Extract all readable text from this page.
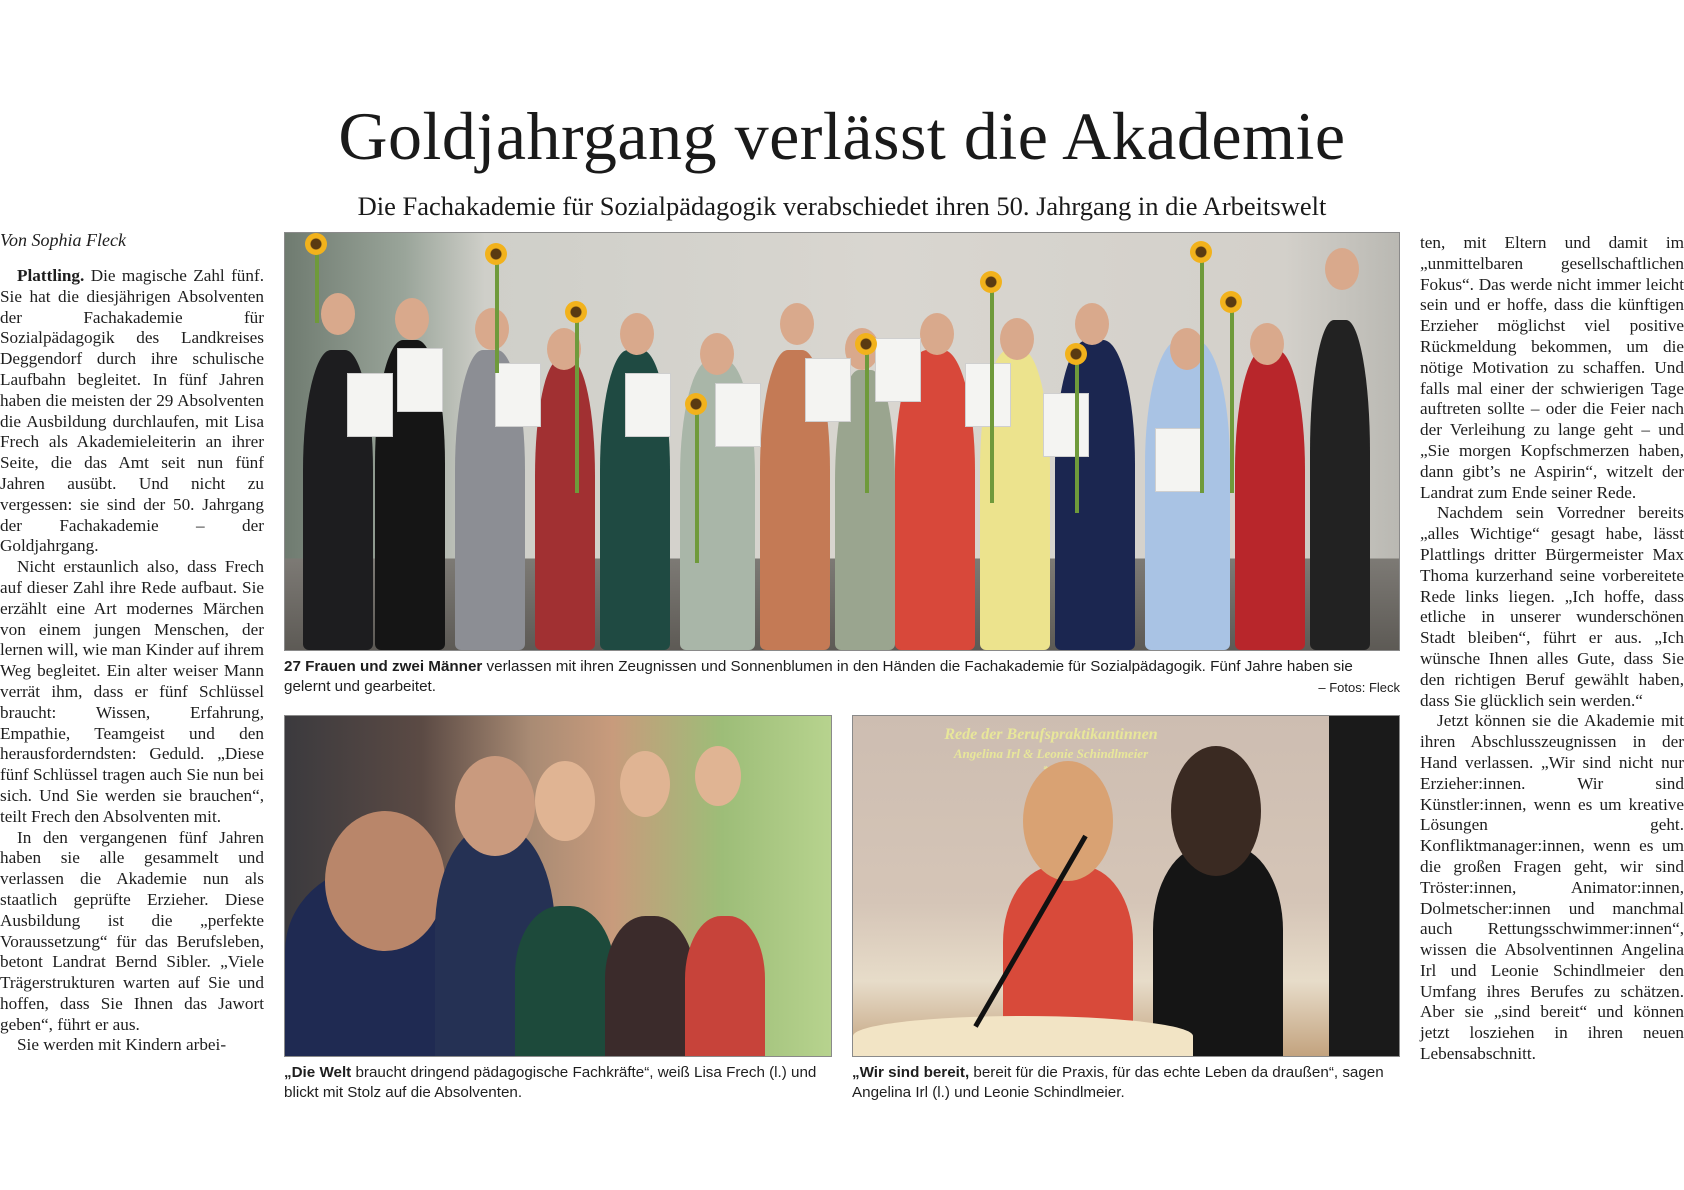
Goldjahrgang verlässt die Akademie
Die Fachakademie für Sozialpädagogik verabschiedet ihren 50. Jahrgang in die Arbeitswelt

Von Sophia Fleck

Plattling. Die magische Zahl fünf. Sie hat die diesjährigen Absolventen der Fachakademie für Sozialpädagogik des Landkreises Deggendorf durch ihre schulische Laufbahn begleitet. In fünf Jahren haben die meisten der 29 Absolventen die Ausbildung durchlaufen, mit Lisa Frech als Akademieleiterin an ihrer Seite, die das Amt seit nun fünf Jahren ausübt. Und nicht zu vergessen: sie sind der 50. Jahrgang der Fachakademie – der Goldjahrgang.

Nicht erstaunlich also, dass Frech auf dieser Zahl ihre Rede aufbaut. Sie erzählt eine Art modernes Märchen von einem jungen Menschen, der lernen will, wie man Kinder auf ihrem Weg begleitet. Ein alter weiser Mann verrät ihm, dass er fünf Schlüssel braucht: Wissen, Erfahrung, Empathie, Teamgeist und den herausforderndsten: Geduld. „Diese fünf Schlüssel tragen auch Sie nun bei sich. Und Sie werden sie brauchen“, teilt Frech den Absolventen mit.

In den vergangenen fünf Jahren haben sie alle gesammelt und verlassen die Akademie nun als staatlich geprüfte Erzieher. Diese Ausbildung ist die „perfekte Voraussetzung“ für das Berufsleben, betont Landrat Bernd Sibler. „Viele Trägerstrukturen warten auf Sie und hoffen, dass Sie Ihnen das Jawort geben“, führt er aus.

Sie werden mit Kindern arbei-

27 Frauen und zwei Männer verlassen mit ihren Zeugnissen und Sonnenblumen in den Händen die Fachakademie für Sozialpädagogik. Fünf Jahre haben sie gelernt und gearbeitet.	– Fotos: Fleck
„Die Welt braucht dringend pädagogische Fachkräfte“, weiß Lisa Frech (l.) und blickt mit Stolz auf die Absolventen.
Rede der Berufspraktikantinnen
Angelina Irl & Leonie Schindlmeier
„Wir sind bereit, bereit für die Praxis, für das echte Leben da draußen“, sagen Angelina Irl (l.) und Leonie Schindlmeier.

ten, mit Eltern und damit im „unmittelbaren gesellschaftlichen Fokus“. Das werde nicht immer leicht sein und er hoffe, dass die künftigen Erzieher möglichst viel positive Rückmeldung bekommen, um die nötige Motivation zu schaffen. Und falls mal einer der schwierigen Tage auftreten sollte – oder die Feier nach der Verleihung zu lange geht – und „Sie morgen Kopfschmerzen haben, dann gibt’s ne Aspirin“, witzelt der Landrat zum Ende seiner Rede.

Nachdem sein Vorredner bereits „alles Wichtige“ gesagt habe, lässt Plattlings dritter Bürgermeister Max Thoma kurzerhand seine vorbereitete Rede links liegen. „Ich hoffe, dass etliche in unserer wunderschönen Stadt bleiben“, führt er aus. „Ich wünsche Ihnen alles Gute, dass Sie den richtigen Beruf gewählt haben, dass Sie glücklich sein werden.“

Jetzt können sie die Akademie mit ihren Abschlusszeugnissen in der Hand verlassen. „Wir sind nicht nur Erzieher:innen. Wir sind Künstler:innen, wenn es um kreative Lösungen geht. Konfliktmanager:innen, wenn es um die großen Fragen geht, wir sind Tröster:innen, Animator:innen, Dolmetscher:innen und manchmal auch Rettungsschwimmer:innen“, wissen die Absolventinnen Angelina Irl und Leonie Schindlmeier den Umfang ihres Berufes zu schätzen. Aber sie „sind bereit“ und können jetzt losziehen in ihren neuen Lebensabschnitt.
